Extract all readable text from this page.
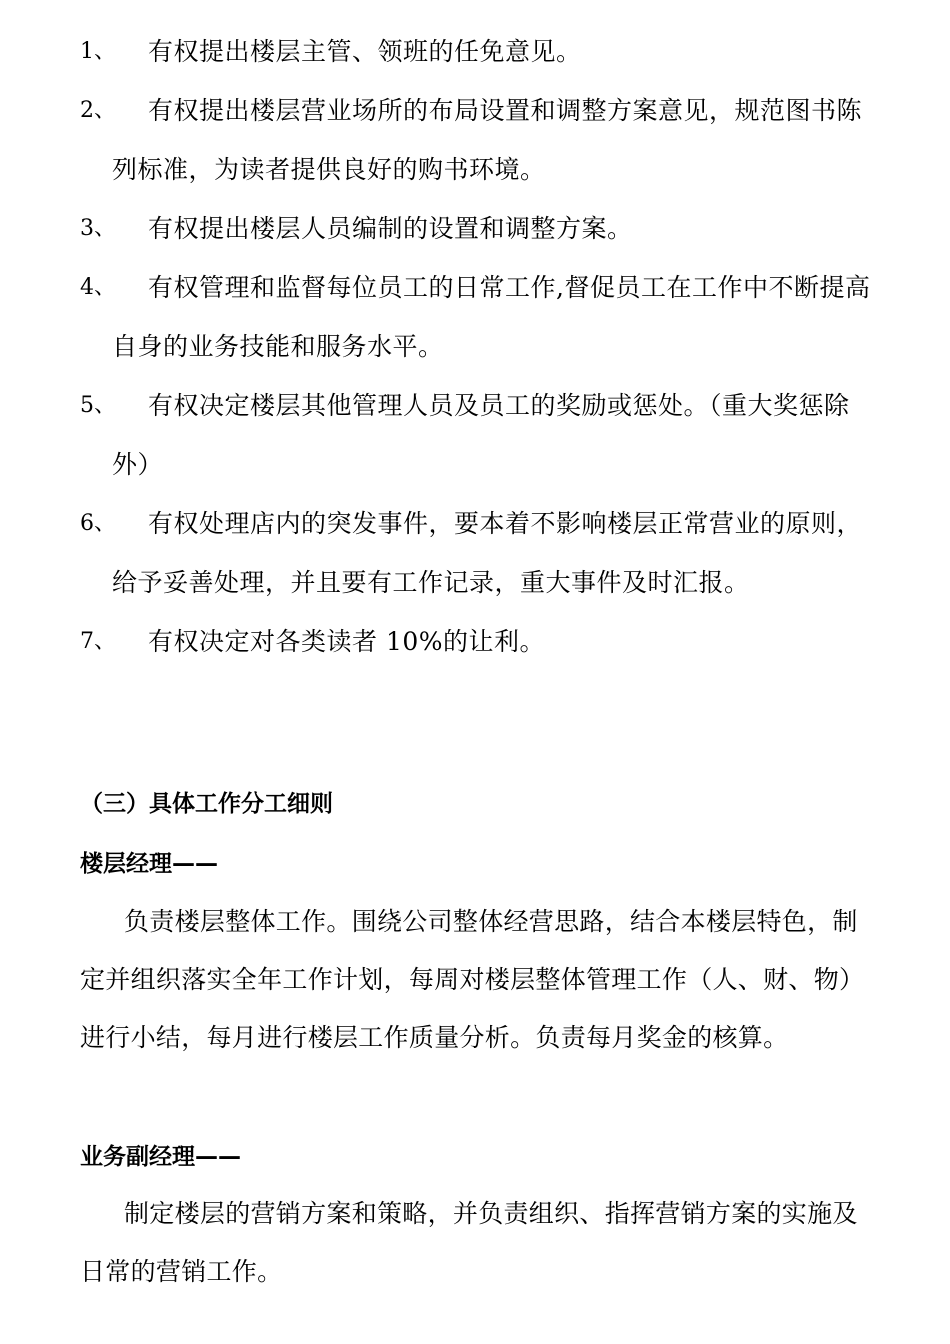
1、	有权提出楼层主管、领班的任免意见。

2、	有权提出楼层营业场所的布局设置和调整方案意见，规范图书陈列标准，为读者提供良好的购书环境。

3、	有权提出楼层人员编制的设置和调整方案。

4、	有权管理和监督每位员工的日常工作,督促员工在工作中不断提高自身的业务技能和服务水平。

5、	有权决定楼层其他管理人员及员工的奖励或惩处。（重大奖惩除外）

6、	有权处理店内的突发事件，要本着不影响楼层正常营业的原则，给予妥善处理，并且要有工作记录，重大事件及时汇报。

7、	有权决定对各类读者 10%的让利。

（三）具体工作分工细则
楼层经理——

负责楼层整体工作。围绕公司整体经营思路，结合本楼层特色，制定并组织落实全年工作计划，每周对楼层整体管理工作（人、财、物）进行小结，每月进行楼层工作质量分析。负责每月奖金的核算。

业务副经理——

制定楼层的营销方案和策略，并负责组织、指挥营销方案的实施及日常的营销工作。
